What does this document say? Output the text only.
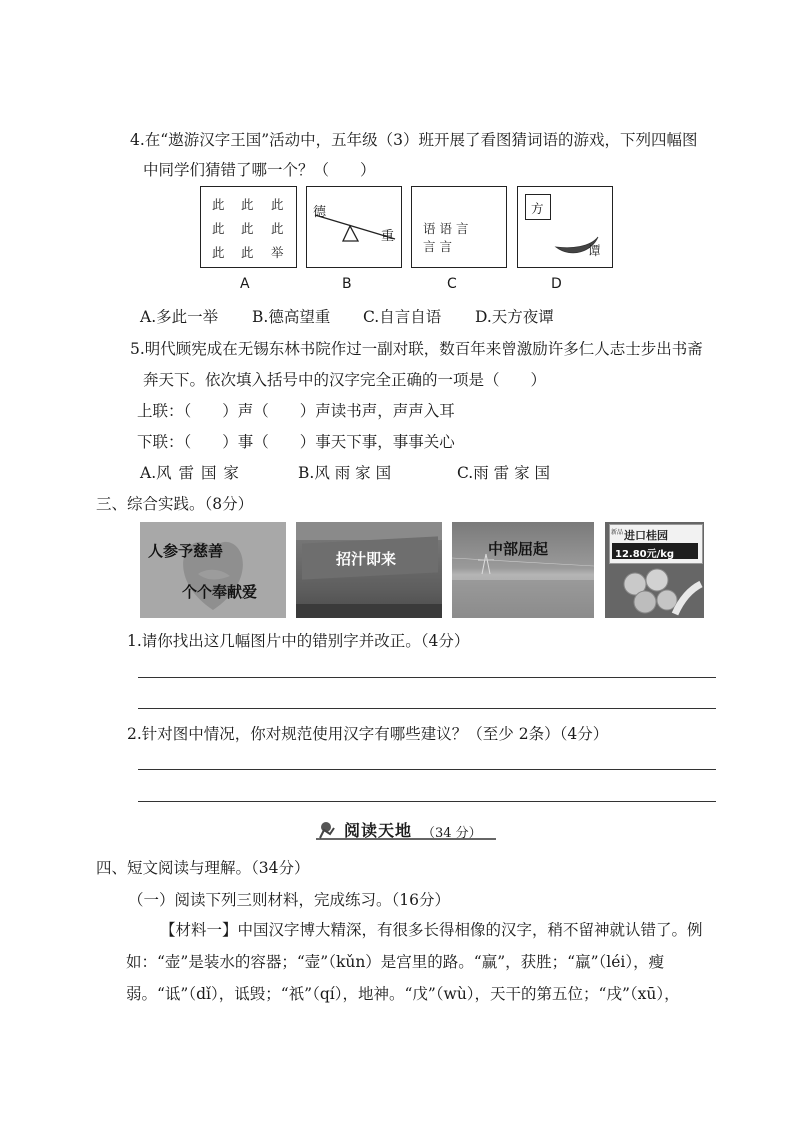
4.在“遨游汉字王国”活动中，五年级（3）班开展了看图猜词语的游戏，下列四幅图
中同学们猜错了哪一个？（　　）
此 此 此
此 此 此
此 此 举
德
重
语 语 言
言 言
方
谭
A	B	C	D
A.多此一举 B.德高望重 C.自言自语 D.天方夜谭
5.明代顾宪成在无锡东林书院作过一副对联，数百年来曾激励许多仁人志士步出书斋
奔天下。依次填入括号中的汉字完全正确的一项是（　　）
上联：（　　）声（　　）声读书声，声声入耳
下联：（　　）事（　　）事天下事，事事关心
A.风 雷 国 家	B.风 雨 家 国	C.雨 雷 家 国
三、综合实践。（8分）
人参予慈善
个个奉献爱
招汁即来
中部屈起
进口桂园
新品
12.80元/kg
1.请你找出这几幅图片中的错别字并改正。（4分）
2.针对图中情况，你对规范使用汉字有哪些建议？（至少 2条）（4分）
阅读天地 （34 分）
四、短文阅读与理解。（34分）
（一）阅读下列三则材料，完成练习。（16分）
【材料一】中国汉字博大精深，有很多长得相像的汉字，稍不留神就认错了。例
如：“壶”是装水的容器；“壸”（kǔn）是宫里的路。“赢”，获胜；“羸”（léi），瘦
弱。“诋”（dǐ），诋毁；“祇”（qí），地神。“戊”（wù），天干的第五位；“戌”（xū），
